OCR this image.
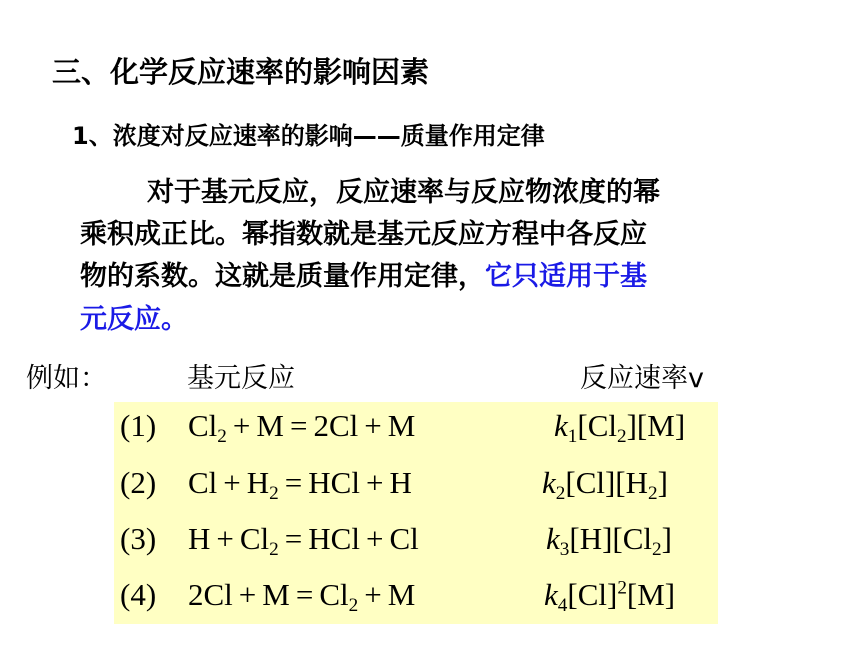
三、化学反应速率的影响因素
1、浓度对反应速率的影响——质量作用定律
对于基元反应，反应速率与反应物浓度的幂
乘积成正比。幂指数就是基元反应方程中各反应
物的系数。这就是质量作用定律，它只适用于基
元反应。
例如：	基元反应	反应速率v
(1) $Cl_2 + M = 2Cl + M$	$k_1[Cl_2][M]$
(2) $Cl + H_2$ = HCl + H	$k_2[Cl][H_2]$
(3) $H + Cl_2$ = HCl + Cl	$k_3[H][Cl_2]$
(4) $2Cl + M = Cl_2 + M$	$k_4[Cl]^2[M]$
